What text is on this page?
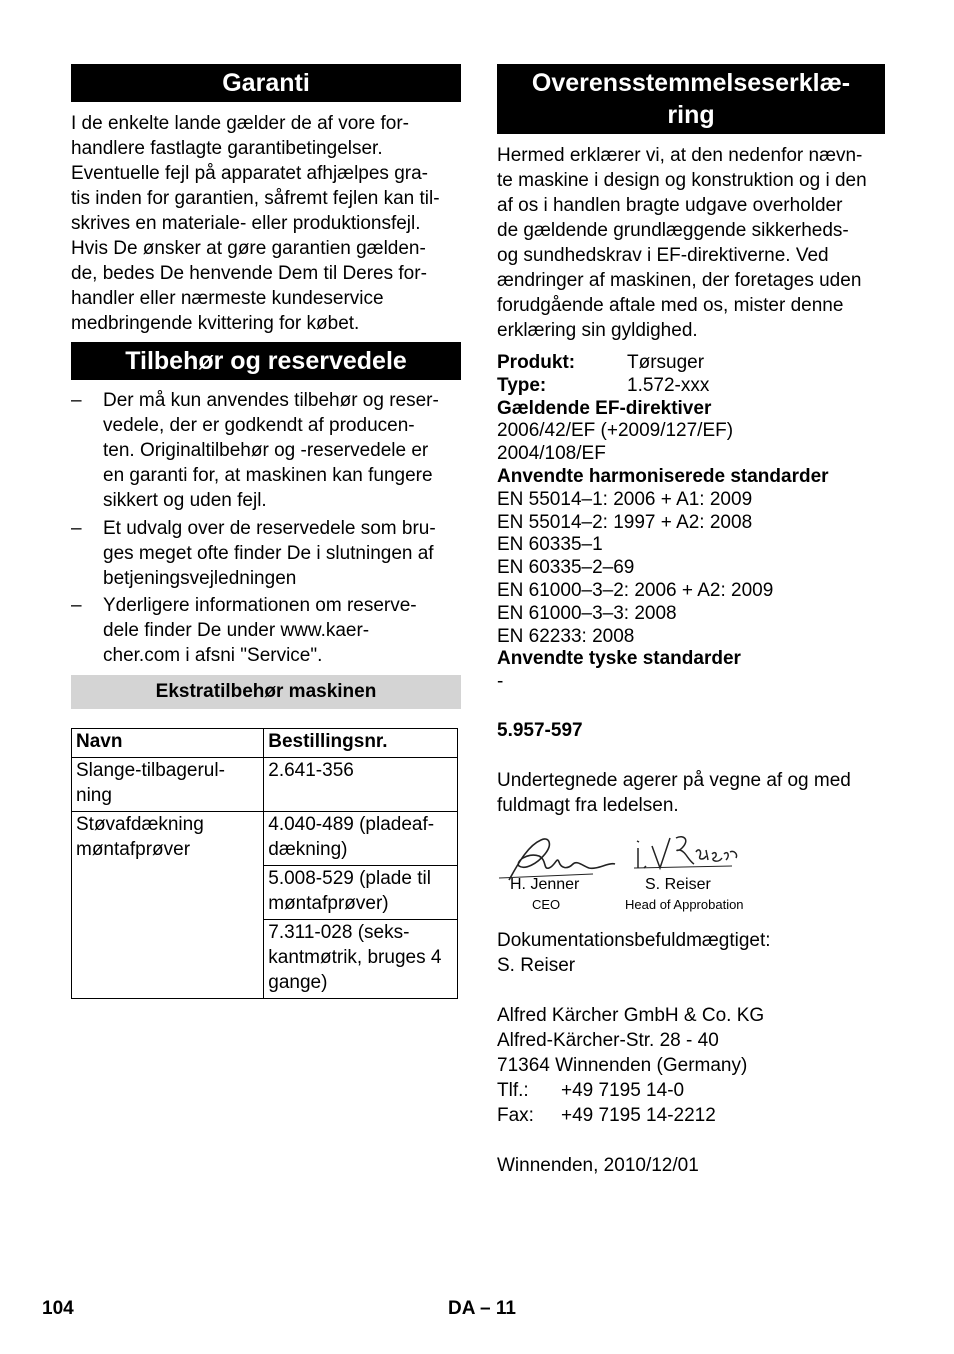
Garanti
I de enkelte lande gælder de af vore for-
handlere fastlagte garantibetingelser.
Eventuelle fejl på apparatet afhjælpes gra-
tis inden for garantien, såfremt fejlen kan til-
skrives en materiale- eller produktionsfejl.
Hvis De ønsker at gøre garantien gælden-
de, bedes De henvende Dem til Deres for-
handler eller nærmeste kundeservice
medbringende kvittering for købet.
Tilbehør og reservedele
–	Der må kun anvendes tilbehør og reser-
vedele, der er godkendt af producen-
ten. Originaltilbehør og -reservedele er
en garanti for, at maskinen kan fungere
sikkert og uden fejl.
–	Et udvalg over de reservedele som bru-
ges meget ofte finder De i slutningen af
betjeningsvejledningen
–	Yderligere informationen om reserve-
dele finder De under www.kaer-
cher.com i afsni "Service".
Ekstratilbehør maskinen
Navn	Bestillingsnr.

Slange-tilbagerul-
ning	2.641-356

Støvafdækning
møntafprøver	4.040-489 (pladeaf-
dækning)

	5.008-529 (plade til
møntafprøver)

	7.311-028 (seks-
kantmøtrik, bruges 4
gange)
Overensstemmelseserklæ-
ring
Hermed erklærer vi, at den nedenfor nævn-
te maskine i design og konstruktion og i den
af os i handlen bragte udgave overholder
de gældende grundlæggende sikkerheds-
og sundhedskrav i EF-direktiverne. Ved
ændringer af maskinen, der foretages uden
forudgående aftale med os, mister denne
erklæring sin gyldighed.
Produkt:	Tørsuger
Type:	1.572-xxx
Gældende EF-direktiver
2006/42/EF (+2009/127/EF)
2004/108/EF
Anvendte harmoniserede standarder
EN 55014–1: 2006 + A1: 2009
EN 55014–2: 1997 + A2: 2008
EN 60335–1
EN 60335–2–69
EN 61000–3–2: 2006 + A2: 2009
EN 61000–3–3: 2008
EN 62233: 2008
Anvendte tyske standarder
-
5.957-597
Undertegnede agerer på vegne af og med
fuldmagt fra ledelsen.
H. Jenner
CEO
S. Reiser
Head of Approbation
Dokumentationsbefuldmægtiget:
S. Reiser
Alfred Kärcher GmbH & Co. KG
Alfred-Kärcher-Str. 28 - 40
71364 Winnenden (Germany)
Tlf.: +49 7195 14-0
Fax: +49 7195 14-2212
Winnenden, 2010/12/01
104	DA – 11
